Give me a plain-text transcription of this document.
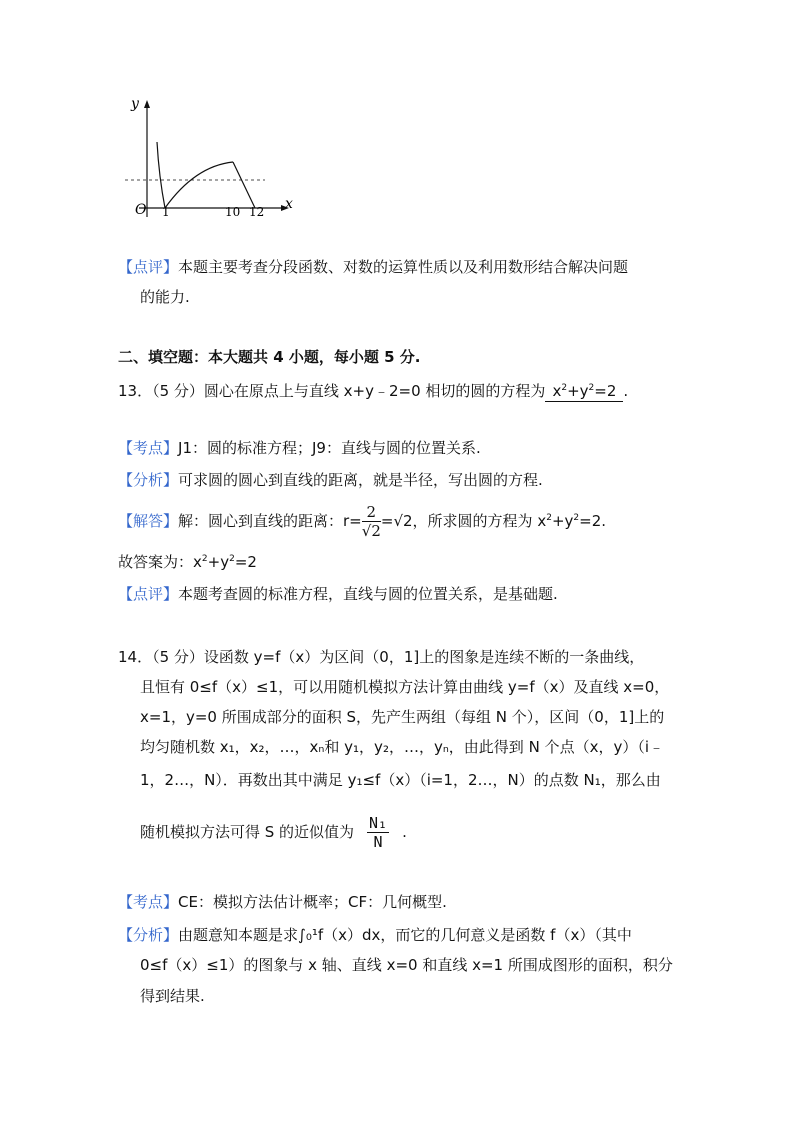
y
x
O 1	10 12
【点评】本题主要考查分段函数、对数的运算性质以及利用数形结合解决问题
的能力.
二、填空题：本大题共 4 小题，每小题 5 分.
13．（5 分）圆心在原点上与直线 x+y﹣2=0 相切的圆的方程为 $x^2+y^2=2$ .
【考点】J1：圆的标准方程；J9：直线与圆的位置关系.
【分析】可求圆的圆心到直线的距离，就是半径，写出圆的方程.
【解答】解：圆心到直线的距离：$r= \frac{2}{√2} =√2$，所求圆的方程为 $x^2+y^2=2$.
故答案为：$x^2+y^2=2$
【点评】本题考查圆的标准方程，直线与圆的位置关系，是基础题.
14．（5 分）设函数 y=f（x）为区间（0，1]上的图象是连续不断的一条曲线，
且恒有 0≤f（x）≤1，可以用随机模拟方法计算由曲线 y=f（x）及直线 x=0，
x=1，y=0 所围成部分的面积 S，先产生两组（每组 N 个），区间（0，1]上的
均匀随机数 x₁，x₂，…，xₙ和 y₁，y₂，…，yₙ，由此得到 N 个点（x，y）（i﹣
1，2…，N）．再数出其中满足 y₁≤f（x）（i=1，2…，N）的点数 N₁，那么由
随机模拟方法可得 S 的近似值为 $\frac{\text{N₁}}{N}$ .
【考点】CE：模拟方法估计概率；CF：几何概型.
【分析】由题意知本题是求∫₀¹f（x）dx，而它的几何意义是函数 f（x）（其中
0≤f（x）≤1）的图象与 x 轴、直线 x=0 和直线 x=1 所围成图形的面积，积分
得到结果.
